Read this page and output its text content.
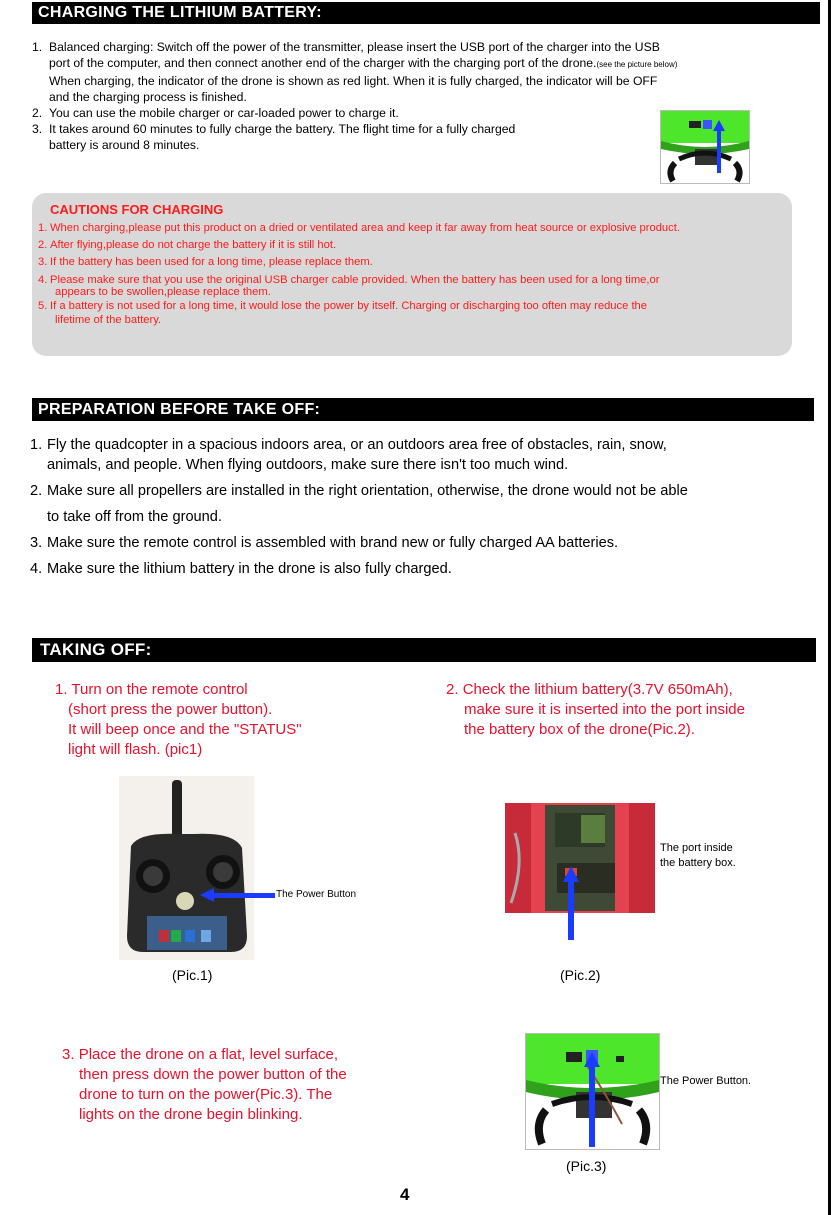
CHARGING THE LITHIUM BATTERY:
1. Balanced charging: Switch off the power of the transmitter, please insert the USB port of the charger into the USB
port of the computer, and then connect another end of the charger with the charging port of the drone.(see the picture below)
When charging, the indicator of the drone is shown as red light. When it is fully charged, the indicator will be OFF
and the charging process is finished.
2. You can use the mobile charger or car-loaded power to charge it.
3. It takes around 60 minutes to fully charge the battery. The flight time for a fully charged
battery is around 8 minutes.
CAUTIONS FOR CHARGING
1. When charging,please put this product on a dried or ventilated area and keep it far away from heat source or explosive product.
2. After flying,please do not charge the battery if it is still hot.
3. If the battery has been used for a long time, please replace them.
4. Please make sure that you use the original USB charger cable provided. When the battery has been used for a long time,or
appears to be swollen,please replace them.
5. If a battery is not used for a long time, it would lose the power by itself. Charging or discharging too often may reduce the
lifetime of the battery.
PREPARATION BEFORE TAKE OFF:
1. Fly the quadcopter in a spacious indoors area, or an outdoors area free of obstacles, rain, snow,
animals, and people. When flying outdoors, make sure there isn't too much wind.
2. Make sure all propellers are installed in the right orientation, otherwise, the drone would not be able
to take off from the ground.
3. Make sure the remote control is assembled with brand new or fully charged AA batteries.
4. Make sure the lithium battery in the drone is also fully charged.
TAKING OFF:
1. Turn on the remote control
(short press the power button).
It will beep once and the "STATUS"
light will flash. (pic1)
2. Check the lithium battery(3.7V 650mAh),
make sure it is inserted into the port inside
the battery box of the drone(Pic.2).
The Power Button
(Pic.1)
The port inside
the battery box.
(Pic.2)
3. Place the drone on a flat, level surface,
then press down the power button of the
drone to turn on the power(Pic.3). The
lights on the drone begin blinking.
The Power Button.
(Pic.3)
4
